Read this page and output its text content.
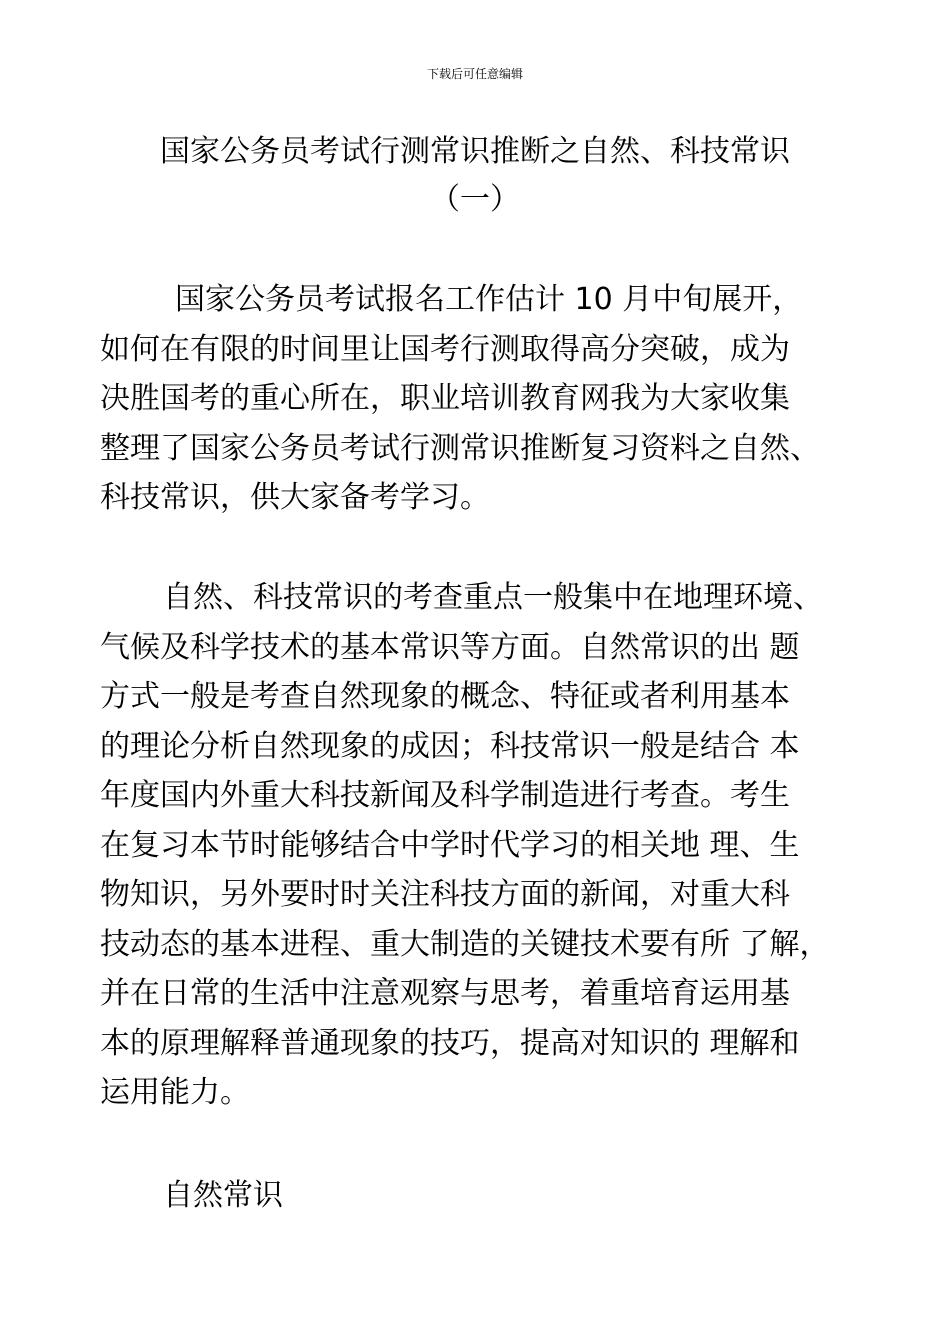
下载后可任意编辑
国家公务员考试行测常识推断之自然、科技常识
（一）
国家公务员考试报名工作估计 10 月中旬展开，
如何在有限的时间里让国考行测取得高分突破，成为
决胜国考的重心所在，职业培训教育网我为大家收集
整理了国家公务员考试行测常识推断复习资料之自然、
科技常识，供大家备考学习。
自然、科技常识的考查重点一般集中在地理环境、
气候及科学技术的基本常识等方面。自然常识的出 题
方式一般是考查自然现象的概念、特征或者利用基本
的理论分析自然现象的成因；科技常识一般是结合 本
年度国内外重大科技新闻及科学制造进行考查。考生
在复习本节时能够结合中学时代学习的相关地 理、生
物知识，另外要时时关注科技方面的新闻，对重大科
技动态的基本进程、重大制造的关键技术要有所 了解，
并在日常的生活中注意观察与思考，着重培育运用基
本的原理解释普通现象的技巧，提高对知识的 理解和
运用能力。
自然常识
